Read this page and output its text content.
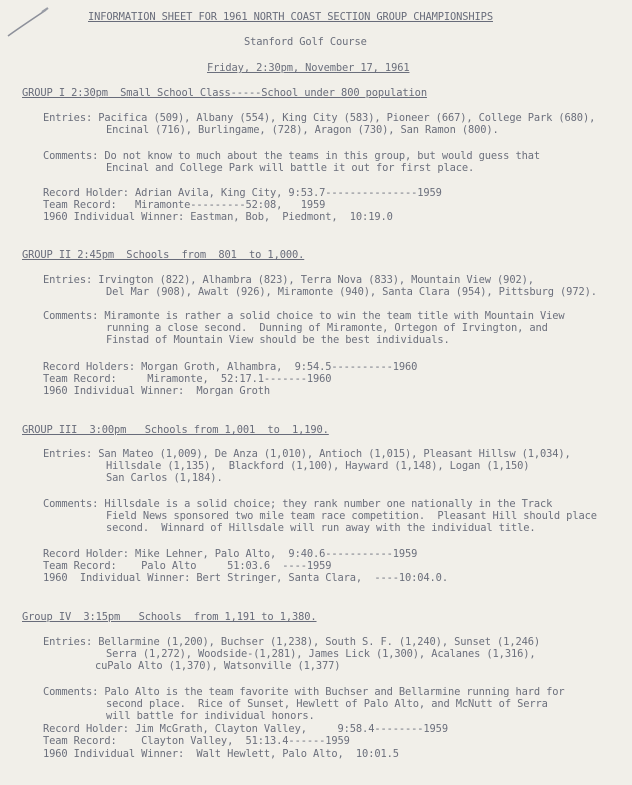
INFORMATION SHEET FOR 1961 NORTH COAST SECTION GROUP CHAMPIONSHIPS
Stanford Golf Course
Friday, 2:30pm, November 17, 1961
GROUP I 2:30pm  Small School Class-----School under 800 population
Entries: Pacifica (509), Albany (554), King City (583), Pioneer (667), College Park (680),
Encinal (716), Burlingame, (728), Aragon (730), San Ramon (800).
Comments: Do not know to much about the teams in this group, but would guess that
Encinal and College Park will battle it out for first place.
Record Holder: Adrian Avila, King City, 9:53.7---------------1959
Team Record:   Miramonte---------52:08,   1959
1960 Individual Winner: Eastman, Bob,  Piedmont,  10:19.0
GROUP II 2:45pm  Schools  from  801  to 1,000.
Entries: Irvington (822), Alhambra (823), Terra Nova (833), Mountain View (902),
Del Mar (908), Awalt (926), Miramonte (940), Santa Clara (954), Pittsburg (972).
Comments: Miramonte is rather a solid choice to win the team title with Mountain View
running a close second.  Dunning of Miramonte, Ortegon of Irvington, and
Finstad of Mountain View should be the best individuals.
Record Holders: Morgan Groth, Alhambra,  9:54.5----------1960
Team Record:     Miramonte,  52:17.1-------1960
1960 Individual Winner:  Morgan Groth
GROUP III  3:00pm   Schools from 1,001  to  1,190.
Entries: San Mateo (1,009), De Anza (1,010), Antioch (1,015), Pleasant Hillsw (1,034),
Hillsdale (1,135),  Blackford (1,100), Hayward (1,148), Logan (1,150)
San Carlos (1,184).
Comments: Hillsdale is a solid choice; they rank number one nationally in the Track
Field News sponsored two mile team race competition.  Pleasant Hill should place
second.  Winnard of Hillsdale will run away with the individual title.
Record Holder: Mike Lehner, Palo Alto,  9:40.6-----------1959
Team Record:    Palo Alto     51:03.6  ----1959
1960  Individual Winner: Bert Stringer, Santa Clara,  ----10:04.0.
Group IV  3:15pm   Schools  from 1,191 to 1,380.
Entries: Bellarmine (1,200), Buchser (1,238), South S. F. (1,240), Sunset (1,246)
Serra (1,272), Woodside-(1,281), James Lick (1,300), Acalanes (1,316),
cuPalo Alto (1,370), Watsonville (1,377)
Comments: Palo Alto is the team favorite with Buchser and Bellarmine running hard for
second place.  Rice of Sunset, Hewlett of Palo Alto, and McNutt of Serra
will battle for individual honors.
Record Holder: Jim McGrath, Clayton Valley,     9:58.4--------1959
Team Record:    Clayton Valley,  51:13.4------1959
1960 Individual Winner:  Walt Hewlett, Palo Alto,  10:01.5
